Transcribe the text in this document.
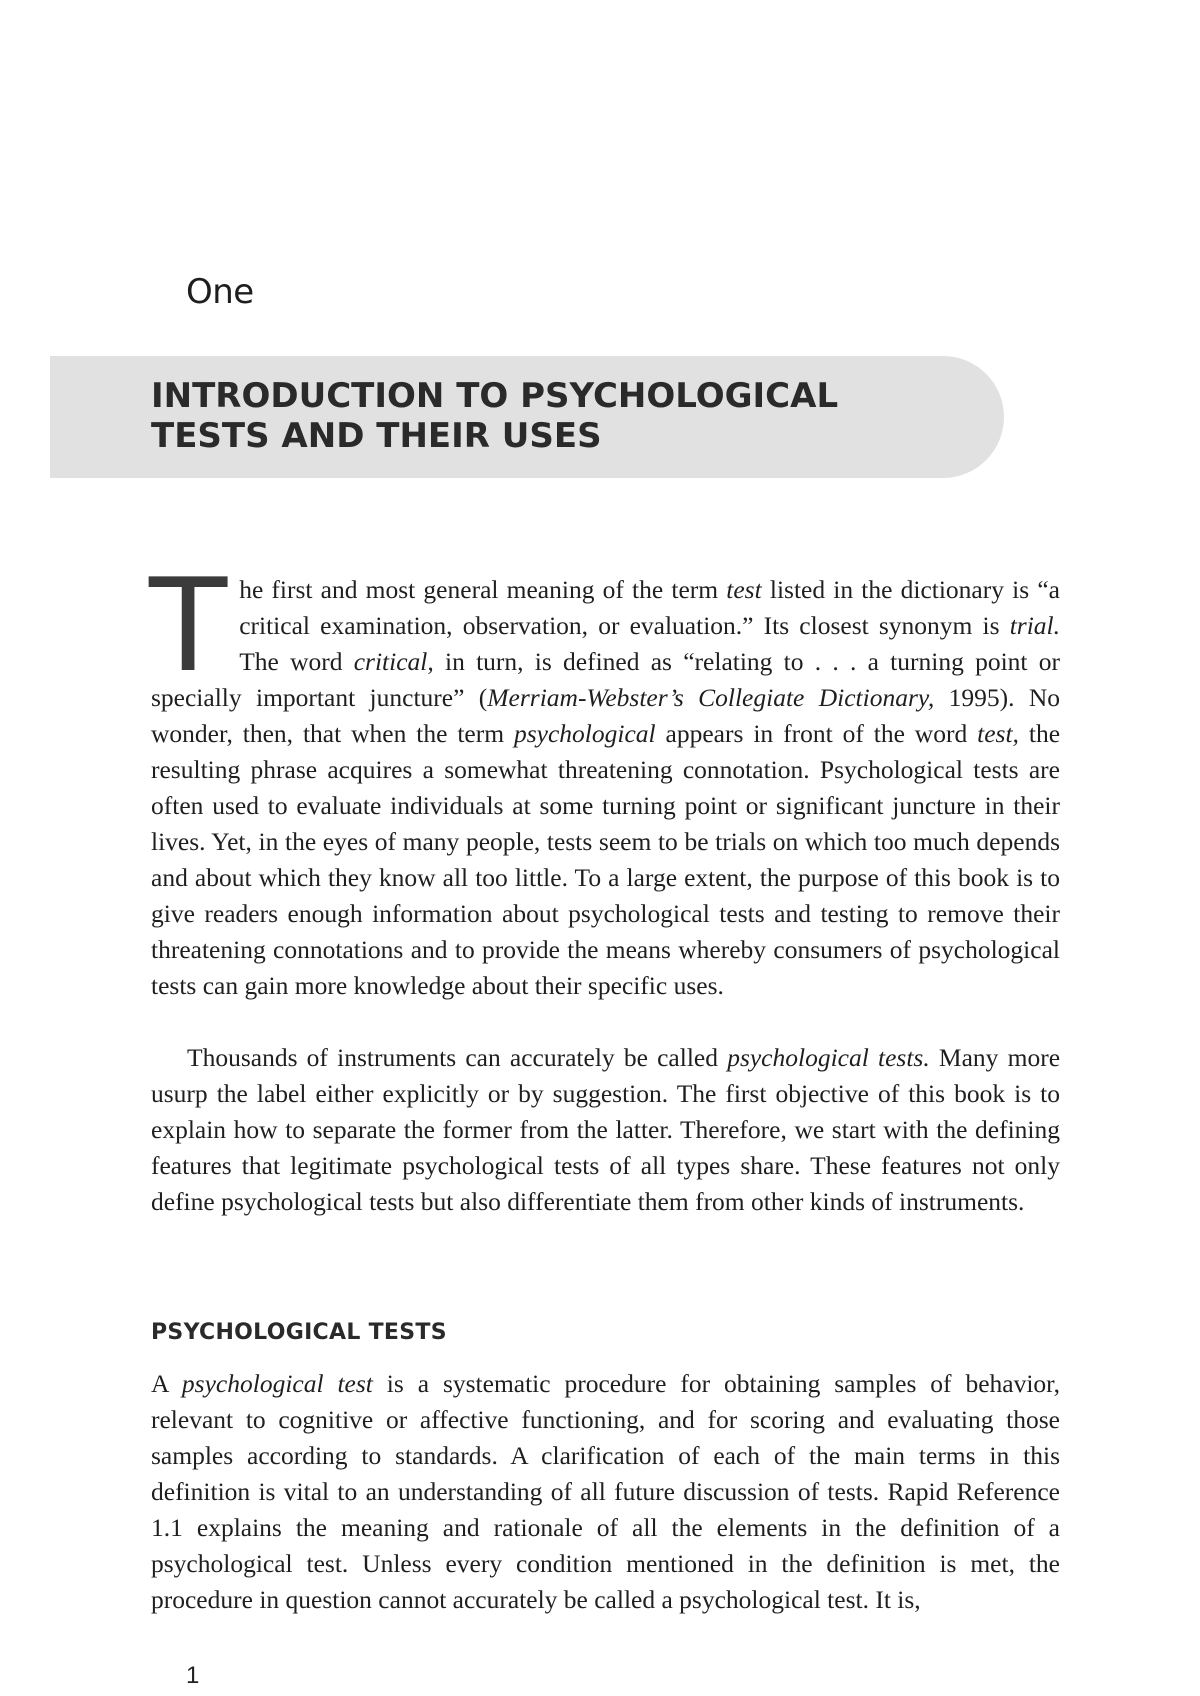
One
INTRODUCTION TO PSYCHOLOGICAL
TESTS AND THEIR USES

The first and most general meaning of the term test listed in the dictionary is “a critical examination, observation, or evaluation.” Its closest synonym is trial. The word critical, in turn, is defined as “relating to . . . a turning point or specially important juncture” (Merriam-Webster’s Collegiate Dictionary, 1995). No wonder, then, that when the term psychological appears in front of the word test, the resulting phrase acquires a somewhat threatening connotation. Psychological tests are often used to evaluate individuals at some turning point or significant juncture in their lives. Yet, in the eyes of many people, tests seem to be trials on which too much depends and about which they know all too little. To a large extent, the purpose of this book is to give readers enough information about psychological tests and testing to remove their threatening connotations and to provide the means whereby consumers of psychological tests can gain more knowledge about their specific uses.

Thousands of instruments can accurately be called psychological tests. Many more usurp the label either explicitly or by suggestion. The first objective of this book is to explain how to separate the former from the latter. Therefore, we start with the defining features that legitimate psychological tests of all types share. These features not only define psychological tests but also differentiate them from other kinds of instruments.

PSYCHOLOGICAL TESTS

A psychological test is a systematic procedure for obtaining samples of behavior, relevant to cognitive or affective functioning, and for scoring and evaluating those samples according to standards. A clarification of each of the main terms in this definition is vital to an understanding of all future discussion of tests. Rapid Reference 1.1 explains the meaning and rationale of all the elements in the definition of a psychological test. Unless every condition mentioned in the definition is met, the procedure in question cannot accurately be called a psychological test. It is,

1
